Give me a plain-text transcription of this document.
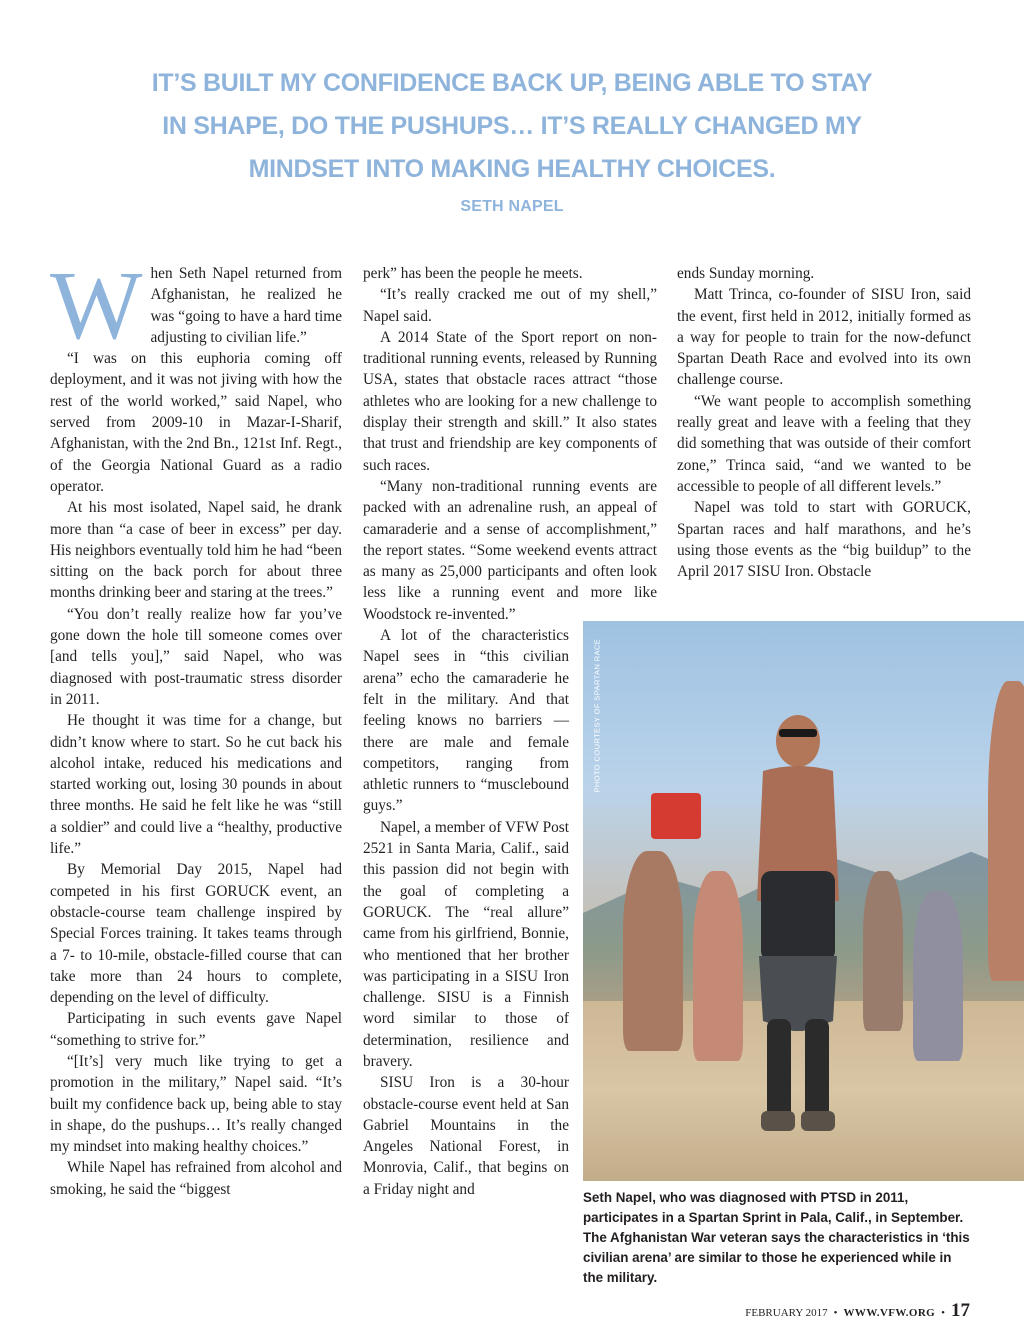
IT’S BUILT MY CONFIDENCE BACK UP, BEING ABLE TO STAY
IN SHAPE, DO THE PUSHUPS… IT’S REALLY CHANGED MY
MINDSET INTO MAKING HEALTHY CHOICES.
SETH NAPEL
W hen Seth Napel returned from Afghanistan, he realized he was “going to have a hard time adjusting to civilian life.”

“I was on this euphoria coming off deployment, and it was not jiving with how the rest of the world worked,” said Napel, who served from 2009-10 in Mazar-I-Sharif, Afghanistan, with the 2nd Bn., 121st Inf. Regt., of the Georgia National Guard as a radio operator.

At his most isolated, Napel said, he drank more than “a case of beer in excess” per day. His neighbors eventually told him he had “been sitting on the back porch for about three months drinking beer and staring at the trees.”

“You don’t really realize how far you’ve gone down the hole till someone comes over [and tells you],” said Napel, who was diagnosed with post-traumatic stress disorder in 2011.

He thought it was time for a change, but didn’t know where to start. So he cut back his alcohol intake, reduced his medications and started working out, losing 30 pounds in about three months. He said he felt like he was “still a soldier” and could live a “healthy, productive life.”

By Memorial Day 2015, Napel had competed in his first GORUCK event, an obstacle-course team challenge inspired by Special Forces training. It takes teams through a 7- to 10-mile, obstacle-filled course that can take more than 24 hours to complete, depending on the level of difficulty.

Participating in such events gave Napel “something to strive for.”

“[It’s] very much like trying to get a promotion in the military,” Napel said. “It’s built my confidence back up, being able to stay in shape, do the pushups… It’s really changed my mindset into making healthy choices.”

While Napel has refrained from alcohol and smoking, he said the “biggest

perk” has been the people he meets.

“It’s really cracked me out of my shell,” Napel said.

A 2014 State of the Sport report on non-traditional running events, released by Running USA, states that obstacle races attract “those athletes who are looking for a new challenge to display their strength and skill.” It also states that trust and friendship are key components of such races.

“Many non-traditional running events are packed with an adrenaline rush, an appeal of camaraderie and a sense of accomplishment,” the report states. “Some weekend events attract as many as 25,000 participants and often look less like a running event and more like Woodstock re-invented.”

A lot of the characteristics Napel sees in “this civilian arena” echo the camaraderie he felt in the military. And that feeling knows no barriers — there are male and female competitors, ranging from athletic runners to “musclebound guys.”

Napel, a member of VFW Post 2521 in Santa Maria, Calif., said this passion did not begin with the goal of completing a GORUCK. The “real allure” came from his girlfriend, Bonnie, who mentioned that her brother was participating in a SISU Iron challenge. SISU is a Finnish word similar to those of determination, resilience and bravery.

SISU Iron is a 30-hour obstacle-course event held at San Gabriel Mountains in the Angeles National Forest, in Monrovia, Calif., that begins on a Friday night and

ends Sunday morning.

Matt Trinca, co-founder of SISU Iron, said the event, first held in 2012, initially formed as a way for people to train for the now-defunct Spartan Death Race and evolved into its own challenge course.

“We want people to accomplish something really great and leave with a feeling that they did something that was outside of their comfort zone,” Trinca said, “and we wanted to be accessible to people of all different levels.”

Napel was told to start with GORUCK, Spartan races and half marathons, and he’s using those events as the “big buildup” to the April 2017 SISU Iron. Obstacle

PHOTO COURTESY OF SPARTAN RACE
Seth Napel, who was diagnosed with PTSD in 2011, participates in a Spartan Sprint in Pala, Calif., in September. The Afghanistan War veteran says the characteristics in ‘this civilian arena’ are similar to those he experienced while in the military.
FEBRUARY 2017 • WWW.VFW.ORG • 17
